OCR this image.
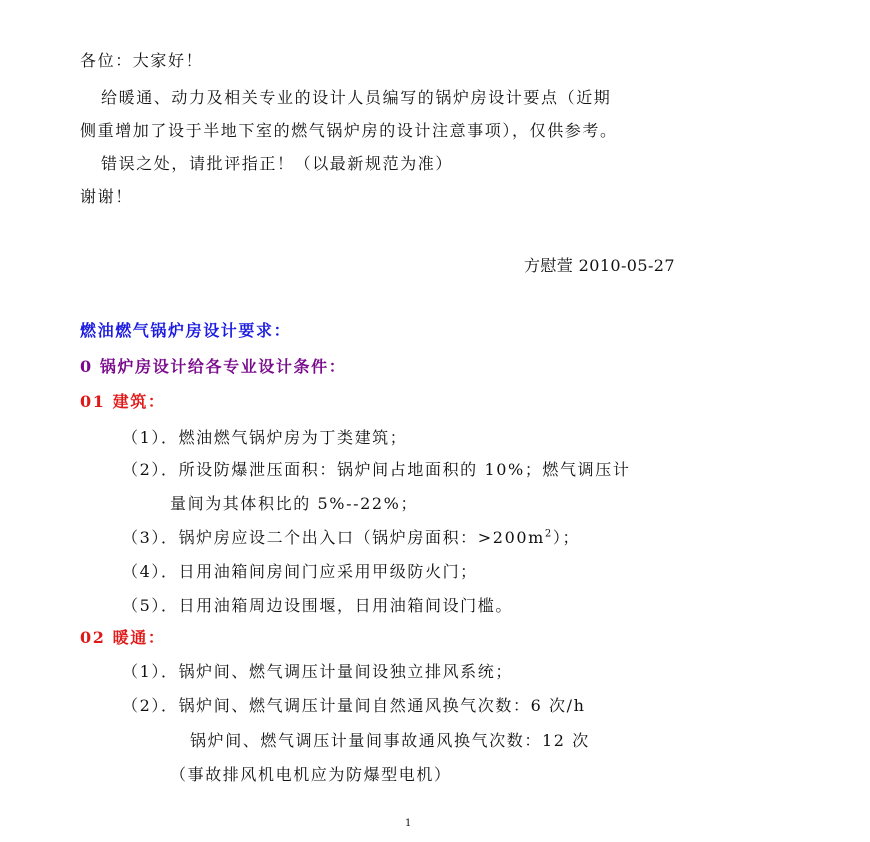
各位：大家好！
给暖通、动力及相关专业的设计人员编写的锅炉房设计要点（近期
侧重增加了设于半地下室的燃气锅炉房的设计注意事项），仅供参考。
错误之处，请批评指正！（以最新规范为准）
谢谢！
方慰萱 2010-05-27
燃油燃气锅炉房设计要求：
0 锅炉房设计给各专业设计条件：
01 建筑：
（1）．燃油燃气锅炉房为丁类建筑；
（2）．所设防爆泄压面积：锅炉间占地面积的 10%；燃气调压计
量间为其体积比的 5%--22%；
（3）．锅炉房应设二个出入口（锅炉房面积：$>200m^2$）；
（4）．日用油箱间房间门应采用甲级防火门；
（5）．日用油箱周边设围堰，日用油箱间设门槛。
02 暖通：
（1）．锅炉间、燃气调压计量间设独立排风系统；
（2）．锅炉间、燃气调压计量间自然通风换气次数：6 次/h
锅炉间、燃气调压计量间事故通风换气次数：12 次
（事故排风机电机应为防爆型电机）
1
